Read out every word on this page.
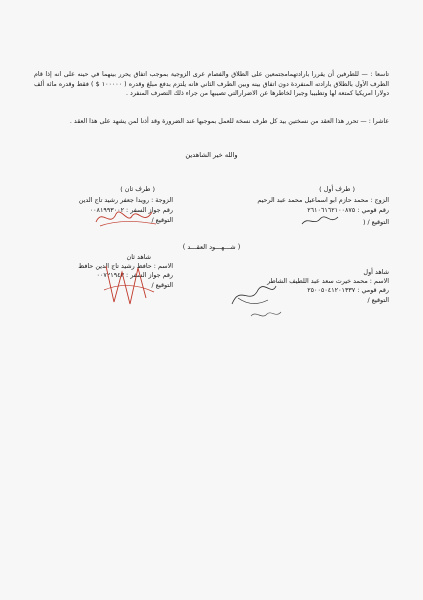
تاسعا : — للطرفين أن يقررا بارادتهمامجتمعين على الطلاق والفصام عرى الزوجية بموجب اتفاق يحرر بينهما في حينه على انه إذا قام الطرف الأول بالطلاق بارادته المنفردة دون اتفاق بينه وبين الطرف الثاني فانه يلتزم بدفع مبلغ وقدره ( ١٠٠٠٠٠ $ ) فقط وقدره مائة ألف دولارا امريكيا كمتعة لها وتطبيبا وجبرا لخاطرها عن الاضرارالتي تصيبها من جراء ذلك التصرف المنفرد .
عاشرا : — تحرر هذا العقد من نسختين بيد كل طرف نسخة للعمل بموجبها عند الضرورة وقد أذنا لمن يشهد على هذا العقد .
والله خير الشاهدين
( طرف أول )
الزوج : محمد حازم ابو اسماعيل محمد عبد الرحيم
رقم قومي : ٢٦١٠٦١٦٢١٠٠٨٧٥
التوقيع / (
( طرف ثان )
الزوجة : رويدا جعفر رشيد تاج الدين
رقم جواز السفر : ٠٠٨١٩٩٣٠٠٢
التوقيع /
( شـــهـــود العقـــد )
شاهد ثان
الاسم : حافظ رشيد تاج الدين حافظ
رقم جواز السفر : ٠٠٧٢١٩٤٣
التوقيع /
شاهد أول
الاسم : محمد خيرت سعد عبد اللطيف الشاطر
رقم قومي : ٢٥٠٠٥٠٤١٢٠١٣٣٧
التوقيع /
